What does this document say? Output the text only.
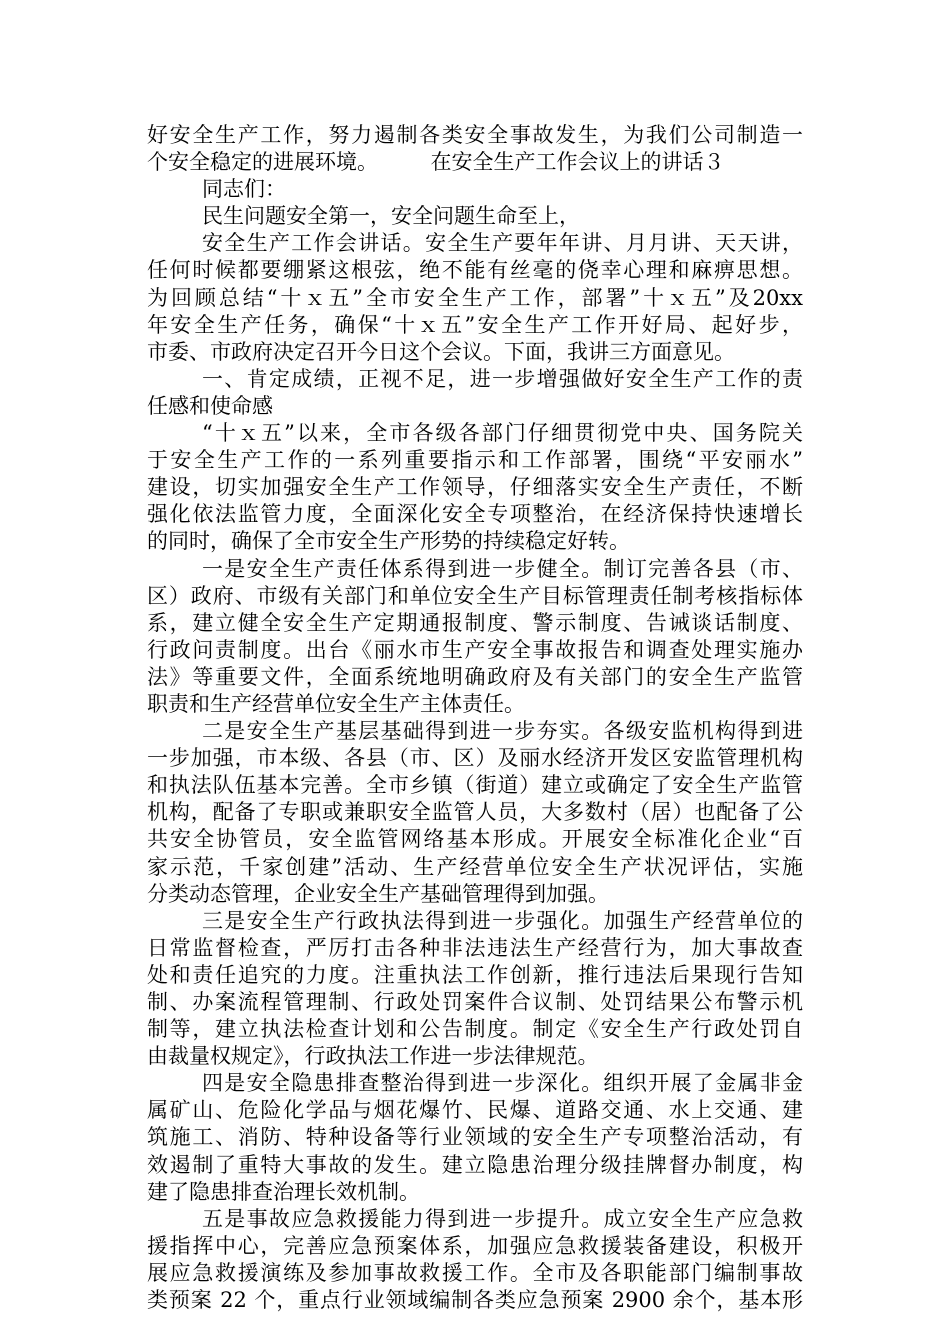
好安全生产工作，努力遏制各类安全事故发生，为我们公司制造一
个安全稳定的进展环境。　　　在安全生产工作会议上的讲话３
同志们：
民生问题安全第一，安全问题生命至上，
安全生产工作会讲话。安全生产要年年讲、月月讲、天天讲，
任何时候都要绷紧这根弦，绝不能有丝毫的侥幸心理和麻痹思想。
为回顾总结“十ｘ五”全市安全生产工作，部署”十ｘ五”及20xx
年安全生产任务，确保“十ｘ五”安全生产工作开好局、起好步，
市委、市政府决定召开今日这个会议。下面，我讲三方面意见。
一、肯定成绩，正视不足，进一步增强做好安全生产工作的责
任感和使命感
“十ｘ五”以来，全市各级各部门仔细贯彻党中央、国务院关
于安全生产工作的一系列重要指示和工作部署，围绕“平安丽水”
建设，切实加强安全生产工作领导，仔细落实安全生产责任，不断
强化依法监管力度，全面深化安全专项整治，在经济保持快速增长
的同时，确保了全市安全生产形势的持续稳定好转。
一是安全生产责任体系得到进一步健全。制订完善各县（市、
区）政府、市级有关部门和单位安全生产目标管理责任制考核指标体
系，建立健全安全生产定期通报制度、警示制度、告诫谈话制度、
行政问责制度。出台《丽水市生产安全事故报告和调查处理实施办
法》等重要文件，全面系统地明确政府及有关部门的安全生产监管
职责和生产经营单位安全生产主体责任。
二是安全生产基层基础得到进一步夯实。各级安监机构得到进
一步加强，市本级、各县（市、区）及丽水经济开发区安监管理机构
和执法队伍基本完善。全市乡镇（街道）建立或确定了安全生产监管
机构，配备了专职或兼职安全监管人员，大多数村（居）也配备了公
共安全协管员，安全监管网络基本形成。开展安全标准化企业“百
家示范，千家创建”活动、生产经营单位安全生产状况评估，实施
分类动态管理，企业安全生产基础管理得到加强。
三是安全生产行政执法得到进一步强化。加强生产经营单位的
日常监督检查，严厉打击各种非法违法生产经营行为，加大事故查
处和责任追究的力度。注重执法工作创新，推行违法后果现行告知
制、办案流程管理制、行政处罚案件合议制、处罚结果公布警示机
制等，建立执法检查计划和公告制度。制定《安全生产行政处罚自
由裁量权规定》，行政执法工作进一步法律规范。
四是安全隐患排查整治得到进一步深化。组织开展了金属非金
属矿山、危险化学品与烟花爆竹、民爆、道路交通、水上交通、建
筑施工、消防、特种设备等行业领域的安全生产专项整治活动，有
效遏制了重特大事故的发生。建立隐患治理分级挂牌督办制度，构
建了隐患排查治理长效机制。
五是事故应急救援能力得到进一步提升。成立安全生产应急救
援指挥中心，完善应急预案体系，加强应急救援装备建设，积极开
展应急救援演练及参加事故救援工作。全市及各职能部门编制事故
类预案 22 个，重点行业领域编制各类应急预案 2900 余个，基本形
